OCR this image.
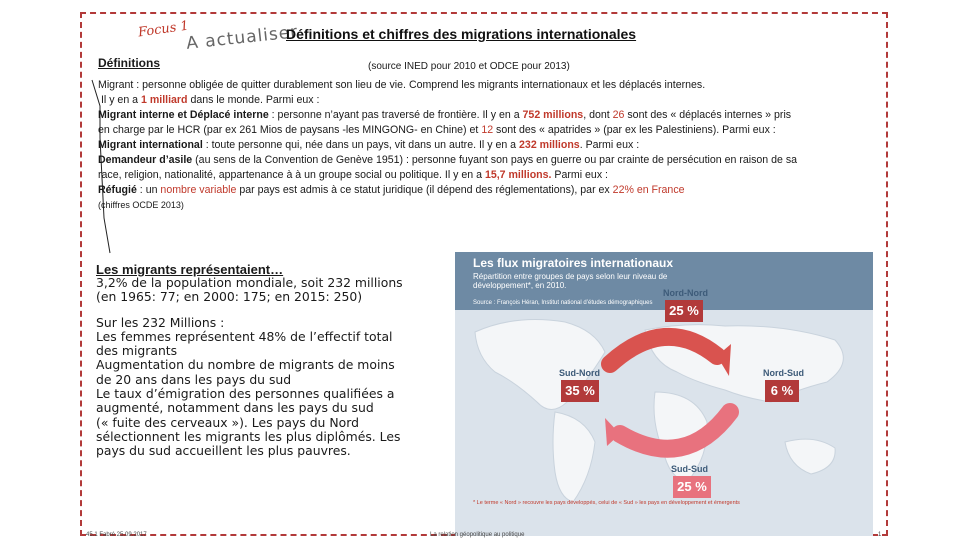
Focus 1
A actualiser
Définitions et chiffres des migrations internationales
Définitions	(source INED pour 2010 et ODCE pour 2013)

Migrant : personne obligée de quitter durablement son lieu de vie. Comprend les migrants internationaux et les déplacés internes.

Il y en a 1 milliard dans le monde. Parmi eux :

Migrant interne et Déplacé interne : personne n’ayant pas traversé de frontière. Il y en a 752 millions, dont 26 sont des « déplacés internes » pris

en charge par le HCR (par ex 261 Mios de paysans -les MINGONG- en Chine) et 12 sont des « apatrides » (par ex les Palestiniens). Parmi eux :

Migrant international : toute personne qui, née dans un pays, vit dans un autre. Il y en a 232 millions. Parmi eux :

Demandeur d’asile (au sens de la Convention de Genève 1951) : personne fuyant son pays en guerre ou par crainte de persécution en raison de sa

race, religion, nationalité, appartenance à à un groupe social ou politique. Il y en a 15,7 millions. Parmi eux :

Réfugié : un nombre variable par pays est admis à ce statut juridique (il dépend des réglementations), par ex 22% en France

(chiffres OCDE 2013)

Les migrants représentaient…

3,2% de la population mondiale, soit 232 millions

(en 1965: 77; en 2000: 175; en 2015: 250)

Sur les 232 Millions :

Les femmes représentent 48% de l’effectif total

des migrants

Augmentation du nombre de migrants de moins

de 20 ans dans les pays du sud

Le taux d’émigration des personnes qualifiées a

augmenté, notamment dans les pays du sud

(« fuite des cerveaux »). Les pays du Nord

sélectionnent les migrants les plus diplômés. Les

pays du sud accueillent les plus pauvres.

Les flux migratoires internationaux
Répartition entre groupes de pays selon leur niveau de développement*, en 2010.
Source : François Héran, Institut national d’études démographiques
Nord-Nord
25 %
Sud-Nord
35 %
Nord-Sud
6 %
Sud-Sud
25 %
* Le terme « Nord » recouvre les pays développés, celui de « Sud » les pays en développement et émergents
45.1 Fabré 25.09.2017	La relation géopolitique au politique	1
